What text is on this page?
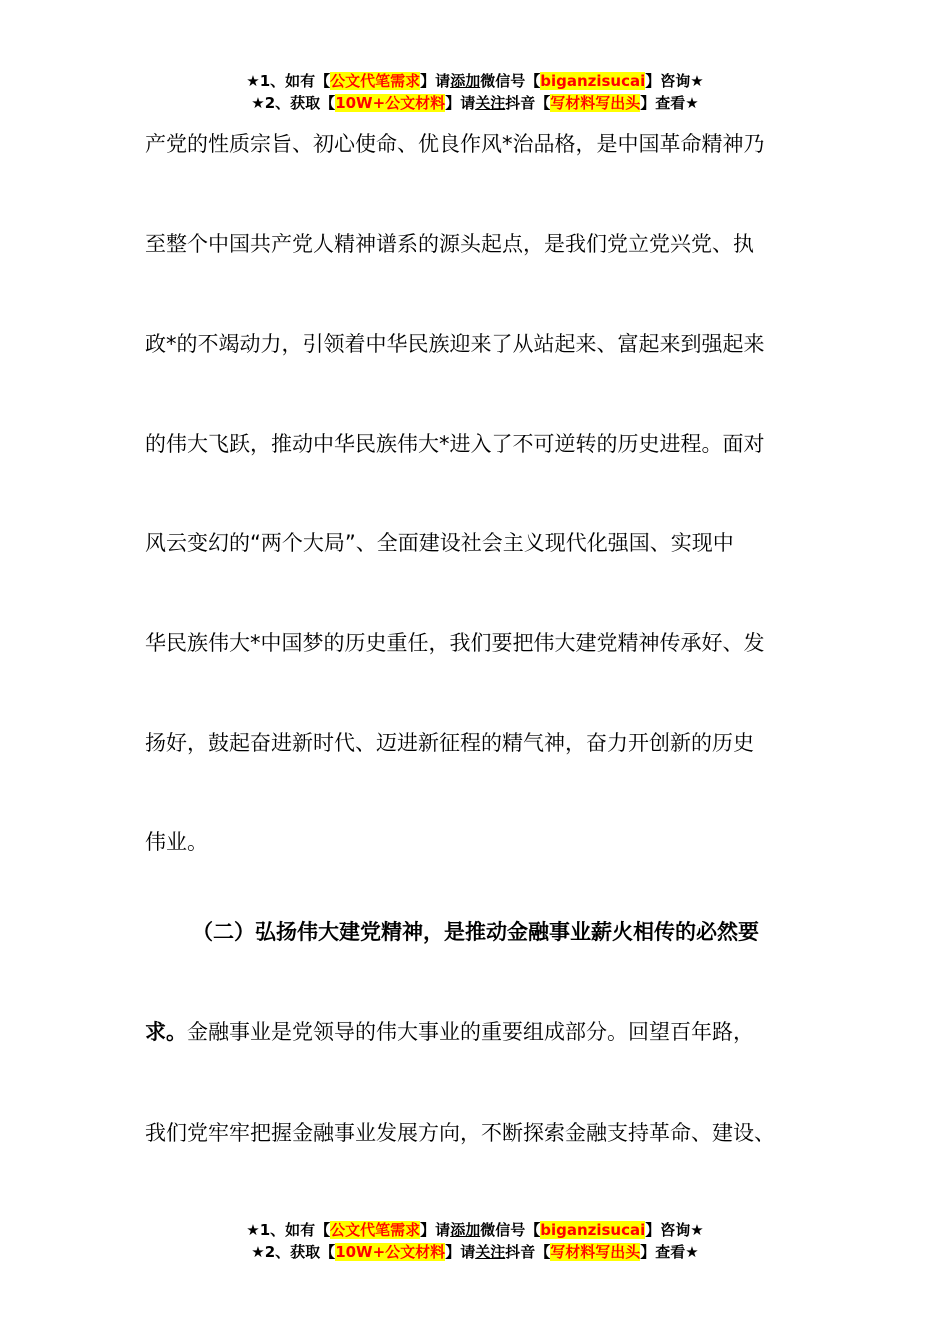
★1、如有【公文代笔需求】请添加微信号【biganzisucai】咨询★
★2、获取【10W+公文材料】请关注抖音【写材料写出头】查看★
产党的性质宗旨、初心使命、优良作风*治品格，是中国革命精神乃
至整个中国共产党人精神谱系的源头起点，是我们党立党兴党、执
政*的不竭动力，引领着中华民族迎来了从站起来、富起来到强起来
的伟大飞跃，推动中华民族伟大*进入了不可逆转的历史进程。面对
风云变幻的“两个大局”、全面建设社会主义现代化强国、实现中
华民族伟大*中国梦的历史重任，我们要把伟大建党精神传承好、发
扬好，鼓起奋进新时代、迈进新征程的精气神，奋力开创新的历史
伟业。
（二）弘扬伟大建党精神，是推动金融事业薪火相传的必然要
求。金融事业是党领导的伟大事业的重要组成部分。回望百年路，
我们党牢牢把握金融事业发展方向，不断探索金融支持革命、建设、
★1、如有【公文代笔需求】请添加微信号【biganzisucai】咨询★
★2、获取【10W+公文材料】请关注抖音【写材料写出头】查看★
